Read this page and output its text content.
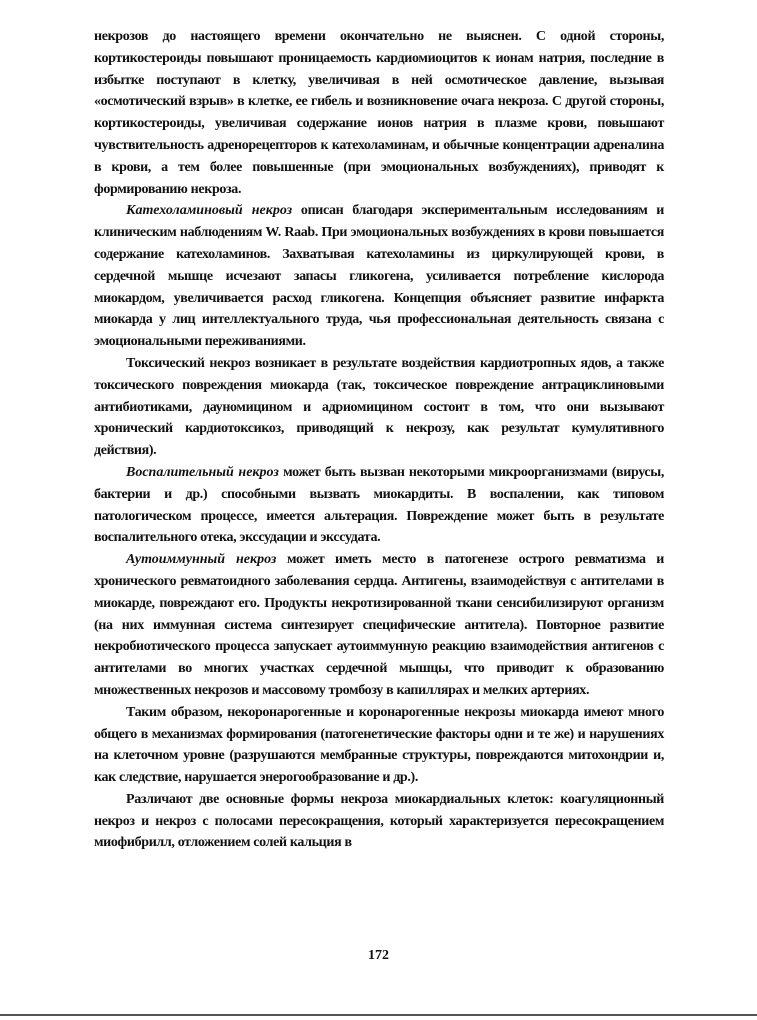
некрозов до настоящего времени окончательно не выяснен. С одной стороны, кортикостероиды повышают проницаемость кардиомиоцитов к ионам натрия, последние в избытке поступают в клетку, увеличивая в ней осмотическое давление, вызывая «осмотический взрыв» в клетке, ее гибель и возникновение очага некроза. С другой стороны, кортикостероиды, увеличивая содержание ионов натрия в плазме крови, повышают чувствительность адренорецепторов к катехоламинам, и обычные концентрации адреналина в крови, а тем более повышенные (при эмоциональных возбуждениях), приводят к формированию некроза.

Катехоламиновый некроз описан благодаря экспериментальным исследованиям и клиническим наблюдениям W. Raab. При эмоциональных возбуждениях в крови повышается содержание катехоламинов. Захватывая катехоламины из циркулирующей крови, в сердечной мышце исчезают запасы гликогена, усиливается потребление кислорода миокардом, увеличивается расход гликогена. Концепция объясняет развитие инфаркта миокарда у лиц интеллектуального труда, чья профессиональная деятельность связана с эмоциональными переживаниями.

Токсический некроз возникает в результате воздействия кардиотропных ядов, а также токсического повреждения миокарда (так, токсическое повреждение антрациклиновыми антибиотиками, дауномицином и адриомицином состоит в том, что они вызывают хронический кардиотоксикоз, приводящий к некрозу, как результат кумулятивного действия).

Воспалительный некроз может быть вызван некоторыми микроорганизмами (вирусы, бактерии и др.) способными вызвать миокардиты. В воспалении, как типовом патологическом процессе, имеется альтерация. Повреждение может быть в результате воспалительного отека, экссудации и экссудата.

Аутоиммунный некроз может иметь место в патогенезе острого ревматизма и хронического ревматоидного заболевания сердца. Антигены, взаимодействуя с антителами в миокарде, повреждают его. Продукты некротизированной ткани сенсибилизируют организм (на них иммунная система синтезирует специфические антитела). Повторное развитие некробиотического процесса запускает аутоиммунную реакцию взаимодействия антигенов с антителами во многих участках сердечной мышцы, что приводит к образованию множественных некрозов и массовому тромбозу в капиллярах и мелких артериях.

Таким образом, некоронарогенные и коронарогенные некрозы миокарда имеют много общего в механизмах формирования (патогенетические факторы одни и те же) и нарушениях на клеточном уровне (разрушаются мембранные структуры, повреждаются митохондрии и, как следствие, нарушается энерогообразование и др.).

Различают две основные формы некроза миокардиальных клеток: коагуляционный некроз и некроз с полосами пересокращения, который характеризуется пересокращением миофибрилл, отложением солей кальция в

172
